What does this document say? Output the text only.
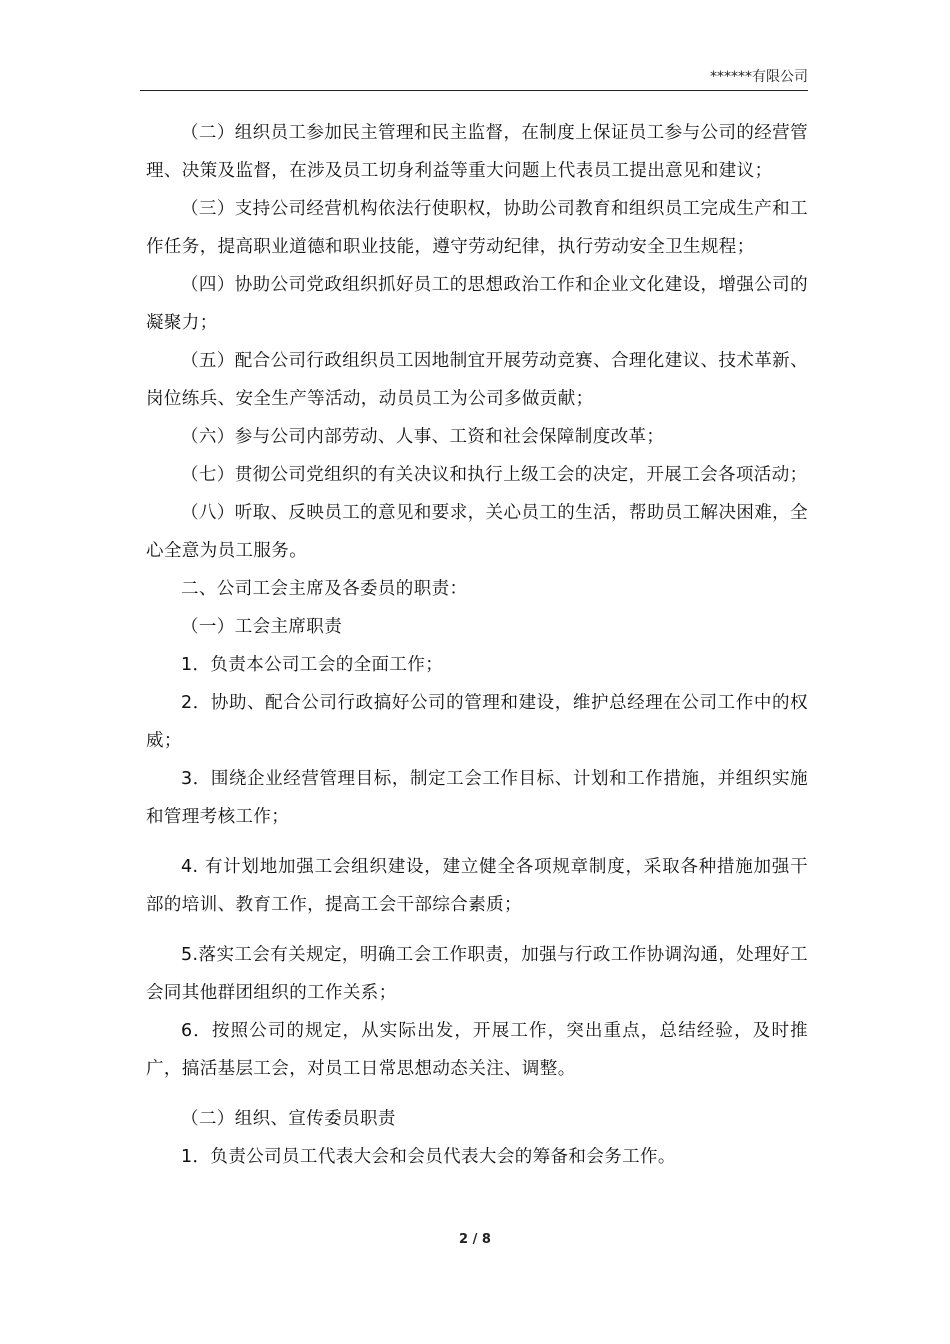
******有限公司

（二）组织员工参加民主管理和民主监督，在制度上保证员工参与公司的经营管理、决策及监督，在涉及员工切身利益等重大问题上代表员工提出意见和建议；

（三）支持公司经营机构依法行使职权，协助公司教育和组织员工完成生产和工作任务，提高职业道德和职业技能，遵守劳动纪律，执行劳动安全卫生规程；

（四）协助公司党政组织抓好员工的思想政治工作和企业文化建设，增强公司的凝聚力；

（五）配合公司行政组织员工因地制宜开展劳动竞赛、合理化建议、技术革新、岗位练兵、安全生产等活动，动员员工为公司多做贡献；

（六）参与公司内部劳动、人事、工资和社会保障制度改革；

（七）贯彻公司党组织的有关决议和执行上级工会的决定，开展工会各项活动；

（八）听取、反映员工的意见和要求，关心员工的生活，帮助员工解决困难，全心全意为员工服务。

二、公司工会主席及各委员的职责：

（一）工会主席职责

1．负责本公司工会的全面工作；

2．协助、配合公司行政搞好公司的管理和建设，维护总经理在公司工作中的权威；

3．围绕企业经营管理目标，制定工会工作目标、计划和工作措施，并组织实施和管理考核工作；

4. 有计划地加强工会组织建设，建立健全各项规章制度，采取各种措施加强干部的培训、教育工作，提高工会干部综合素质；

5.落实工会有关规定，明确工会工作职责，加强与行政工作协调沟通，处理好工会同其他群团组织的工作关系；

6．按照公司的规定，从实际出发，开展工作，突出重点，总结经验，及时推广，搞活基层工会，对员工日常思想动态关注、调整。

（二）组织、宣传委员职责

1．负责公司员工代表大会和会员代表大会的筹备和会务工作。

2 / 8
